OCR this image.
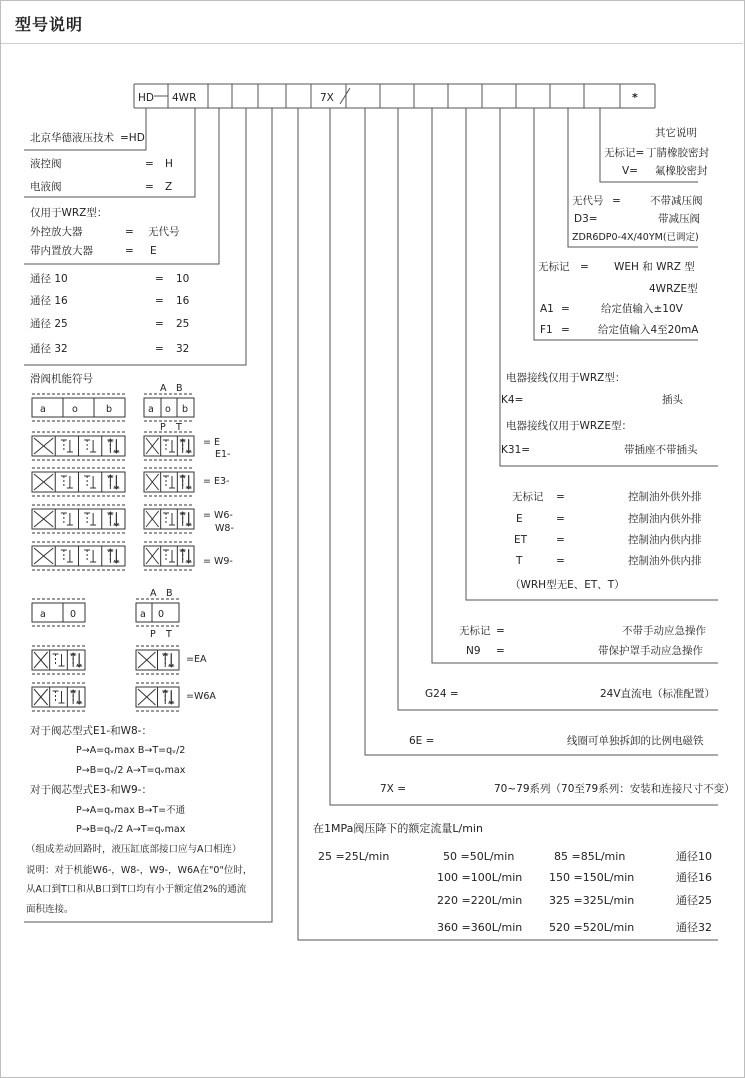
型号说明
HD 4WR	7X	*
北京华德液压技术 =HD
液控阀	= H
电液阀	= Z
仅用于WRZ型：
外控放大器	= 无代号
带内置放大器	= E
通径 10	= 10
通径 16	= 16
通径 25	= 25
通径 32	= 32
滑阀机能符号
A B
a	o	b	a o b
P T
= E
E1-
= E3-
= W6-
W8-
= W9-
A B
a	0	a 0
P T
=EA
=W6A
对于阀芯型式E1-和W8-：
P→A=qᵥmax B→T=qᵥ/2
P→B=qᵥ/2 A→T=qᵥmax
对于阀芯型式E3-和W9-：
P→A=qᵥmax B→T=不通
P→B=qᵥ/2 A→T=qᵥmax
（组成差动回路时，液压缸底部接口应与A口相连）
说明：对于机能W6-，W8-，W9-，W6A在"0"位时，
从A口到T口和从B口到T口均有小于额定值2%的通流
面积连接。
其它说明
无标记= 丁腈橡胶密封
V= 氟橡胶密封
无代号 =	不带减压阀
D3=	带减压阀
ZDR6DP0-4X/40YM(已调定)
无标记 = WEH 和 WRZ 型
4WRZE型
A1 =	给定值输入±10V
F1 =	给定值输入4至20mA
电器接线仅用于WRZ型：
K4=	插头
电器接线仅用于WRZE型：
K31=	带插座不带插头
无标记 =	控制油外供外排
E	=	控制油内供外排
ET	=	控制油内供内排
T	=	控制油外供内排
（WRH型无E、ET、T）
无标记 =	不带手动应急操作
N9 =	带保护罩手动应急操作
G24 =	24V直流电（标准配置）
6E =	线圈可单独拆卸的比例电磁铁
7X =	70~79系列（70至79系列：安装和连接尺寸不变）
在1MPa阀压降下的额定流量L/min
25 =25L/min	50 =50L/min	85 =85L/min	通径10
100 =100L/min 150 =150L/min	通径16
220 =220L/min 325 =325L/min	通径25
360 =360L/min 520 =520L/min	通径32
